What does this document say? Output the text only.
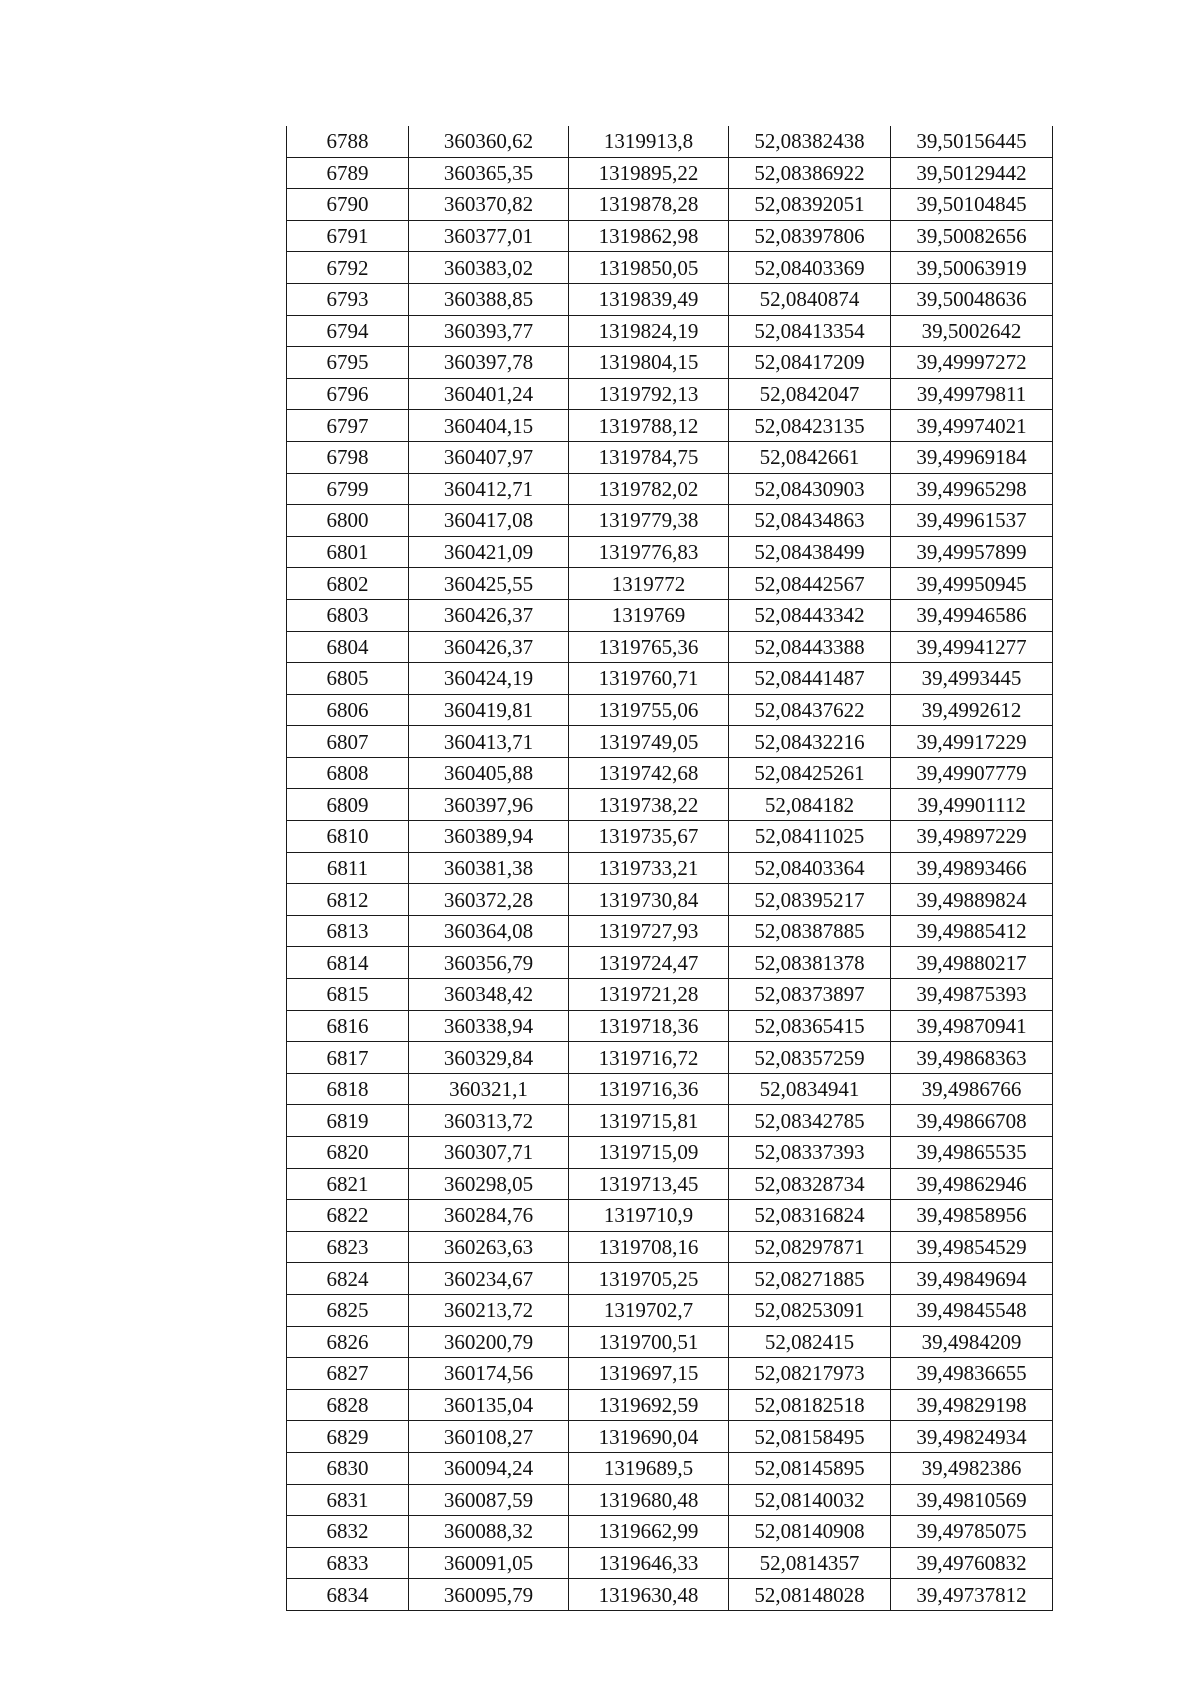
6788	360360,62	1319913,8	52,08382438	39,50156445
6789	360365,35	1319895,22	52,08386922	39,50129442
6790	360370,82	1319878,28	52,08392051	39,50104845
6791	360377,01	1319862,98	52,08397806	39,50082656
6792	360383,02	1319850,05	52,08403369	39,50063919
6793	360388,85	1319839,49	52,0840874	39,50048636
6794	360393,77	1319824,19	52,08413354	39,5002642
6795	360397,78	1319804,15	52,08417209	39,49997272
6796	360401,24	1319792,13	52,0842047	39,49979811
6797	360404,15	1319788,12	52,08423135	39,49974021
6798	360407,97	1319784,75	52,0842661	39,49969184
6799	360412,71	1319782,02	52,08430903	39,49965298
6800	360417,08	1319779,38	52,08434863	39,49961537
6801	360421,09	1319776,83	52,08438499	39,49957899
6802	360425,55	1319772	52,08442567	39,49950945
6803	360426,37	1319769	52,08443342	39,49946586
6804	360426,37	1319765,36	52,08443388	39,49941277
6805	360424,19	1319760,71	52,08441487	39,4993445
6806	360419,81	1319755,06	52,08437622	39,4992612
6807	360413,71	1319749,05	52,08432216	39,49917229
6808	360405,88	1319742,68	52,08425261	39,49907779
6809	360397,96	1319738,22	52,084182	39,49901112
6810	360389,94	1319735,67	52,08411025	39,49897229
6811	360381,38	1319733,21	52,08403364	39,49893466
6812	360372,28	1319730,84	52,08395217	39,49889824
6813	360364,08	1319727,93	52,08387885	39,49885412
6814	360356,79	1319724,47	52,08381378	39,49880217
6815	360348,42	1319721,28	52,08373897	39,49875393
6816	360338,94	1319718,36	52,08365415	39,49870941
6817	360329,84	1319716,72	52,08357259	39,49868363
6818	360321,1	1319716,36	52,0834941	39,4986766
6819	360313,72	1319715,81	52,08342785	39,49866708
6820	360307,71	1319715,09	52,08337393	39,49865535
6821	360298,05	1319713,45	52,08328734	39,49862946
6822	360284,76	1319710,9	52,08316824	39,49858956
6823	360263,63	1319708,16	52,08297871	39,49854529
6824	360234,67	1319705,25	52,08271885	39,49849694
6825	360213,72	1319702,7	52,08253091	39,49845548
6826	360200,79	1319700,51	52,082415	39,4984209
6827	360174,56	1319697,15	52,08217973	39,49836655
6828	360135,04	1319692,59	52,08182518	39,49829198
6829	360108,27	1319690,04	52,08158495	39,49824934
6830	360094,24	1319689,5	52,08145895	39,4982386
6831	360087,59	1319680,48	52,08140032	39,49810569
6832	360088,32	1319662,99	52,08140908	39,49785075
6833	360091,05	1319646,33	52,0814357	39,49760832
6834	360095,79	1319630,48	52,08148028	39,49737812
